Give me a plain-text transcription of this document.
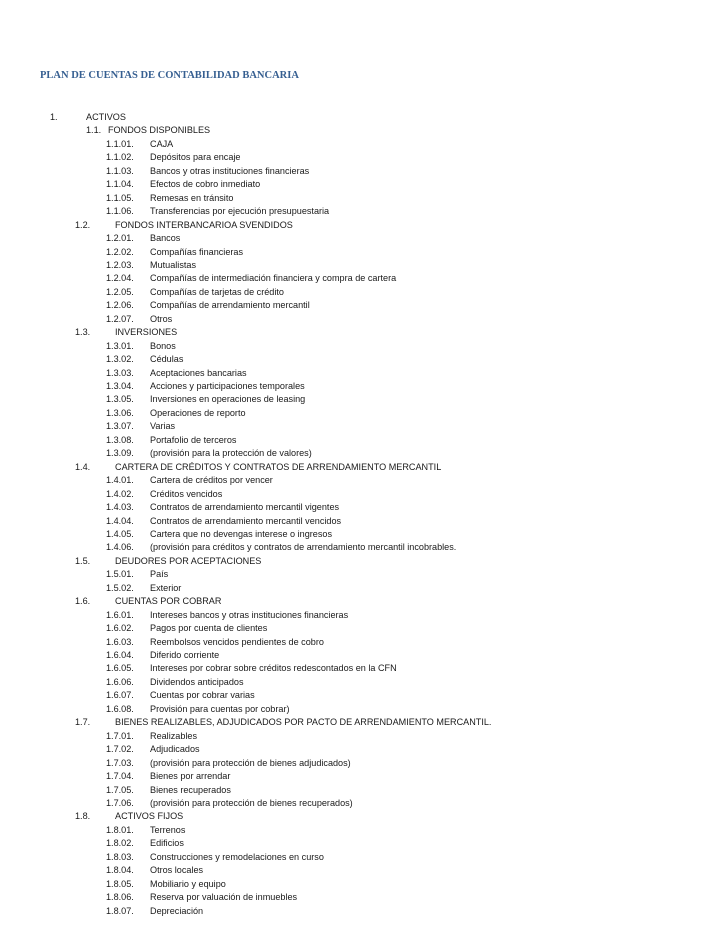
PLAN DE CUENTAS DE CONTABILIDAD BANCARIA
1.	ACTIVOS
1.1. FONDOS DISPONIBLES
1.1.01. CAJA
1.1.02. Depósitos para encaje
1.1.03. Bancos y otras instituciones financieras
1.1.04. Efectos de cobro inmediato
1.1.05. Remesas en tránsito
1.1.06. Transferencias por ejecución presupuestaria
1.2.	FONDOS INTERBANCARIOA SVENDIDOS
1.2.01. Bancos
1.2.02. Compañías financieras
1.2.03. Mutualistas
1.2.04. Compañías de intermediación financiera y compra de cartera
1.2.05. Compañías de tarjetas de crédito
1.2.06. Compañías de arrendamiento mercantil
1.2.07. Otros
1.3.	INVERSIONES
1.3.01. Bonos
1.3.02. Cédulas
1.3.03. Aceptaciones bancarias
1.3.04. Acciones y participaciones temporales
1.3.05. Inversiones en operaciones de leasing
1.3.06. Operaciones de reporto
1.3.07. Varias
1.3.08. Portafolio de terceros
1.3.09. (provisión para la protección de valores)
1.4.	CARTERA DE CRÉDITOS Y CONTRATOS DE ARRENDAMIENTO MERCANTIL
1.4.01. Cartera de créditos por vencer
1.4.02. Créditos vencidos
1.4.03. Contratos de arrendamiento mercantil vigentes
1.4.04. Contratos de arrendamiento mercantil vencidos
1.4.05. Cartera que no devengas interese o ingresos
1.4.06. (provisión para créditos y contratos de arrendamiento mercantil incobrables.
1.5.	DEUDORES POR ACEPTACIONES
1.5.01. País
1.5.02. Exterior
1.6.	CUENTAS POR COBRAR
1.6.01. Intereses bancos y otras instituciones financieras
1.6.02. Pagos por cuenta de clientes
1.6.03. Reembolsos vencidos pendientes de cobro
1.6.04. Diferido corriente
1.6.05. Intereses por cobrar sobre créditos redescontados en la CFN
1.6.06. Dividendos anticipados
1.6.07. Cuentas por cobrar varias
1.6.08. Provisión para cuentas por cobrar)
1.7.	BIENES REALIZABLES, ADJUDICADOS POR PACTO DE ARRENDAMIENTO MERCANTIL.
1.7.01. Realizables
1.7.02. Adjudicados
1.7.03. (provisión para protección de bienes adjudicados)
1.7.04. Bienes por arrendar
1.7.05. Bienes recuperados
1.7.06. (provisión para protección de bienes recuperados)
1.8.	ACTIVOS FIJOS
1.8.01. Terrenos
1.8.02. Edificios
1.8.03. Construcciones y remodelaciones en curso
1.8.04. Otros locales
1.8.05. Mobiliario y equipo
1.8.06. Reserva por valuación de inmuebles
1.8.07. Depreciación
